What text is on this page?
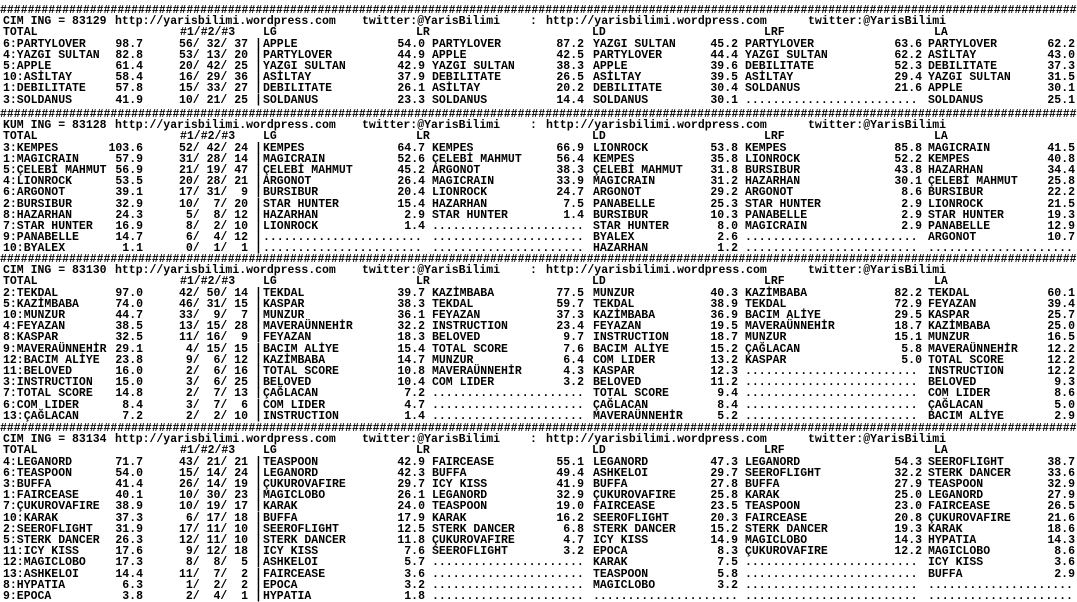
############################################################################################################################################################
CIM ING = 83129 http://yarisbilimi.wordpress.com twitter:@YarisBilimi	: http://yarisbilimi.wordpress.com	twitter:@YarisBilimi
TOTAL	#1/#2/#3 LG	LR	LD	LRF	LA
6:PARTYLOVER	98.7	56/ 32/ 37 | APPLE	54.0 PARTYLOVER	87.2 YAZGI SULTAN	45.2 PARTYLOVER	63.6 PARTYLOVER	62.2
4:YAZGI SULTAN 82.8	53/ 13/ 20 | PARTYLOVER	44.9 APPLE	42.5 PARTYLOVER	44.4 YAZGI SULTAN	62.2 ASİLTAY	43.0
5:APPLE	61.4	20/ 42/ 25 | YAZGI SULTAN	42.9 YAZGI SULTAN	38.3 APPLE	39.6 DEBILITATE	52.3 DEBILITATE	37.3
10:ASİLTAY	58.4	16/ 29/ 36 | ASİLTAY	37.9 DEBILITATE	26.5 ASİLTAY	39.5 ASİLTAY	29.4 YAZGI SULTAN	31.5
1:DEBILITATE	57.8	15/ 33/ 27 | DEBILITATE	26.1 ASİLTAY	20.2 DEBILITATE	30.4 SOLDANUS	21.6 APPLE	30.1
3:SOLDANUS	41.9	10/ 21/ 25 | SOLDANUS	23.3 SOLDANUS	14.4 SOLDANUS	30.1 ......................... SOLDANUS	25.1
############################################################################################################################################################
KUM ING = 83128 http://yarisbilimi.wordpress.com twitter:@YarisBilimi	: http://yarisbilimi.wordpress.com	twitter:@YarisBilimi
TOTAL	#1/#2/#3 LG	LR	LD	LRF	LA
3:KEMPES	103.6	52/ 42/ 24 | KEMPES	64.7 KEMPES	66.9 LIONROCK	53.8 KEMPES	85.8 MAGICRAIN	41.5
1:MAGICRAIN	57.9	31/ 28/ 14 | MAGICRAIN	52.6 ÇELEBİ MAHMUT	56.4 KEMPES	35.8 LIONROCK	52.2 KEMPES	40.8
5:ÇELEBİ MAHMUT 56.9	21/ 19/ 47 | ÇELEBİ MAHMUT	45.2 ARGONOT	38.3 ÇELEBİ MAHMUT 31.8 BURSIBUR	43.8 HAZARHAN	34.4
4:LIONROCK	53.5	20/ 28/ 21 | ARGONOT	26.4 MAGICRAIN	33.9 MAGICRAIN	31.2 HAZARHAN	30.1 ÇELEBİ MAHMUT	25.8
6:ARGONOT	39.1	17/ 31/  9 | BURSIBUR	20.4 LIONROCK	24.7 ARGONOT	29.2 ARGONOT	8.6 BURSIBUR	22.2
2:BURSIBUR	32.9	10/  7/ 20 | STAR HUNTER	15.4 HAZARHAN	7.5 PANABELLE	25.3 STAR HUNTER	2.9 LIONROCK	21.5
8:HAZARHAN	24.3	5/  8/ 12 | HAZARHAN	2.9 STAR HUNTER	1.4 BURSIBUR	10.3 PANABELLE	2.9 STAR HUNTER	19.3
7:STAR HUNTER 16.9	8/  2/ 10 | LIONROCK	1.4 ...................... STAR HUNTER	8.0 MAGICRAIN	2.9 PANABELLE	12.9
9:PANABELLE	14.7	6/  4/ 12 | ....................... ...................... BYALEX	2.6 ......................... ARGONOT	10.7
10:BYALEX	1.1	0/  1/  1 | ....................... ...................... HAZARHAN	1.2 ......................... .....................
############################################################################################################################################################
CIM ING = 83130 http://yarisbilimi.wordpress.com twitter:@YarisBilimi	: http://yarisbilimi.wordpress.com	twitter:@YarisBilimi
TOTAL	#1/#2/#3 LG	LR	LD	LRF	LA
2:TEKDAL	97.0	42/ 50/ 14 | TEKDAL	39.7 KAZİMBABA	77.5 MUNZUR	40.3 KAZİMBABA	82.2 TEKDAL	60.1
5:KAZİMBABA	74.0	46/ 31/ 15 | KASPAR	38.3 TEKDAL	59.7 TEKDAL	38.9 TEKDAL	72.9 FEYAZAN	39.4
10:MUNZUR	44.7	33/  9/  7 | MUNZUR	36.1 FEYAZAN	37.3 KAZİMBABA	36.9 BACIM ALİYE	29.5 KASPAR	25.7
4:FEYAZAN	38.5	13/ 15/ 28 | MAVERAÜNNEHİR	32.2 INSTRUCTION	23.4 FEYAZAN	19.5 MAVERAÜNNEHİR	18.7 KAZİMBABA	25.0
8:KASPAR	32.5	11/ 16/  9 | FEYAZAN	18.3 BELOVED	9.7 INSTRUCTION	18.7 MUNZUR	15.1 MUNZUR	16.5
9:MAVERAÜNNEHİR 29.1	4/ 15/ 15 | BACIM ALİYE	15.4 TOTAL SCORE	7.6 BACIM ALİYE	15.2 ÇAĞLACAN	5.8 MAVERAÜNNEHİR	12.2
12:BACIM ALİYE 23.8	9/  6/ 12 | KAZİMBABA	14.7 MUNZUR	6.4 COM LIDER	13.2 KASPAR	5.0 TOTAL SCORE	12.2
11:BELOVED	16.0	2/  6/ 16 | TOTAL SCORE	10.8 MAVERAÜNNEHİR	4.3 KASPAR	12.3 ......................... INSTRUCTION	12.2
3:INSTRUCTION 15.0	3/  6/ 25 | BELOVED	10.4 COM LIDER	3.2 BELOVED	11.2 ......................... BELOVED	9.3
7:TOTAL SCORE 14.8	2/  7/ 13 | ÇAĞLACAN	7.2 ...................... TOTAL SCORE	9.4 ......................... COM LIDER	8.6
6:COM LIDER	8.4	3/  7/  6 | COM LIDER	4.7 ...................... ÇAĞLACAN	8.4 ......................... ÇAĞLACAN	5.0
13:ÇAĞLACAN	7.2	2/  2/ 10 | INSTRUCTION	1.4 ...................... MAVERAÜNNEHİR	5.2 ......................... BACIM ALİYE	2.9
############################################################################################################################################################
CIM ING = 83134 http://yarisbilimi.wordpress.com twitter:@YarisBilimi	: http://yarisbilimi.wordpress.com	twitter:@YarisBilimi
TOTAL	#1/#2/#3 LG	LR	LD	LRF	LA
4:LEGANORD	71.7	43/ 21/ 21 | TEASPOON	42.9 FAIRCEASE	55.1 LEGANORD	47.3 LEGANORD	54.3 SEEROFLIGHT	38.7
6:TEASPOON	54.0	15/ 14/ 24 | LEGANORD	42.3 BUFFA	49.4 ASHKELOI	29.7 SEEROFLIGHT	32.2 STERK DANCER	33.6
3:BUFFA	41.4	26/ 14/ 19 | ÇUKUROVAFIRE	29.7 ICY KISS	41.9 BUFFA	27.8 BUFFA	27.9 TEASPOON	32.9
1:FAIRCEASE	40.1	10/ 30/ 23 | MAGICLOBO	26.1 LEGANORD	32.9 ÇUKUROVAFIRE	25.8 KARAK	25.0 LEGANORD	27.9
7:ÇUKUROVAFIRE 38.9	10/ 19/ 17 | KARAK	24.0 TEASPOON	19.0 FAIRCEASE	23.5 TEASPOON	23.0 FAIRCEASE	26.5
10:KARAK	37.3	6/ 17/ 18 | BUFFA	17.9 KARAK	16.2 SEEROFLIGHT	20.3 FAIRCEASE	20.8 ÇUKUROVAFIRE	21.6
2:SEEROFLIGHT 31.9	17/ 11/ 10 | SEEROFLIGHT	12.5 STERK DANCER	6.8 STERK DANCER	15.2 STERK DANCER	19.3 KARAK	18.6
5:STERK DANCER 26.3	12/ 11/ 10 | STERK DANCER	11.8 ÇUKUROVAFIRE	4.7 ICY KISS	14.9 MAGICLOBO	14.3 HYPATIA	14.3
11:ICY KISS	17.6	9/ 12/ 18 | ICY KISS	7.6 SEEROFLIGHT	3.2 EPOCA	8.3 ÇUKUROVAFIRE	12.2 MAGICLOBO	8.6
12:MAGICLOBO	17.3	8/  8/  5 | ASHKELOI	5.7 ...................... KARAK	7.5 ......................... ICY KISS	3.6
13:ASHKELOI	14.4	11/  7/  2 | FAIRCEASE	3.6 ...................... TEASPOON	5.8 ......................... BUFFA	2.9
8:HYPATIA	6.3	1/  2/  2 | EPOCA	3.2 ...................... MAGICLOBO	3.2 ......................... .....................
9:EPOCA	3.8	2/  4/  1 | HYPATIA	1.8 ...................... ..................... ......................... .....................
